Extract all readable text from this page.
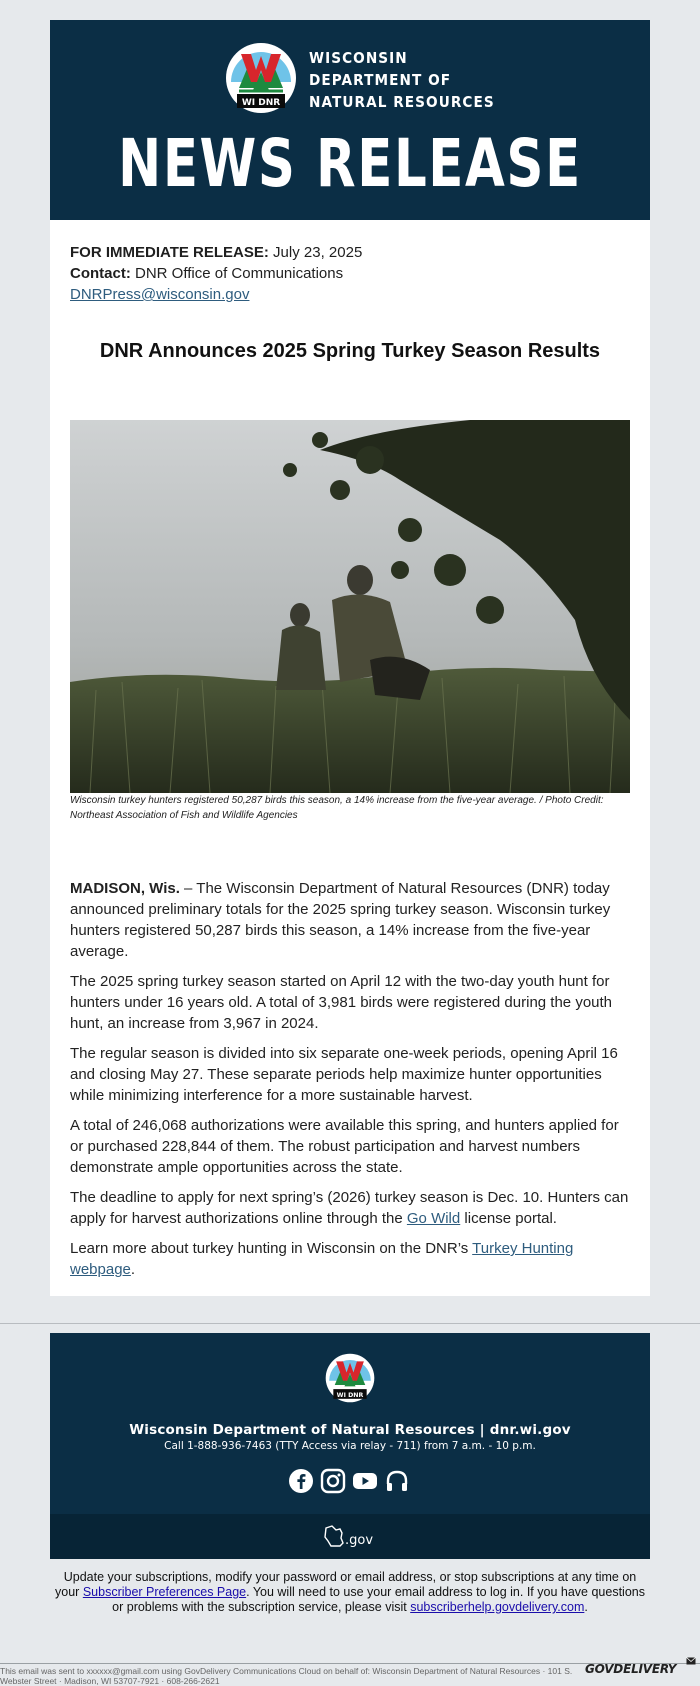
WI DNR
WISCONSIN
DEPARTMENT OF
NATURAL RESOURCES
NEWS RELEASE
FOR IMMEDIATE RELEASE: July 23, 2025
Contact: DNR Office of Communications
DNRPress@wisconsin.gov
DNR Announces 2025 Spring Turkey Season Results
Wisconsin turkey hunters registered 50,287 birds this season, a 14% increase from the five-year average. / Photo Credit: Northeast Association of Fish and Wildlife Agencies

MADISON, Wis. – The Wisconsin Department of Natural Resources (DNR) today announced preliminary totals for the 2025 spring turkey season. Wisconsin turkey hunters registered 50,287 birds this season, a 14% increase from the five-year average.

The 2025 spring turkey season started on April 12 with the two-day youth hunt for hunters under 16 years old. A total of 3,981 birds were registered during the youth hunt, an increase from 3,967 in 2024.

The regular season is divided into six separate one-week periods, opening April 16 and closing May 27. These separate periods help maximize hunter opportunities while minimizing interference for a more sustainable harvest.

A total of 246,068 authorizations were available this spring, and hunters applied for or purchased 228,844 of them. The robust participation and harvest numbers demonstrate ample opportunities across the state.

The deadline to apply for next spring’s (2026) turkey season is Dec. 10. Hunters can apply for harvest authorizations online through the Go Wild license portal.

Learn more about turkey hunting in Wisconsin on the DNR’s Turkey Hunting webpage.

WI DNR
Wisconsin Department of Natural Resources | dnr.wi.gov
Call 1-888-936-7463 (TTY Access via relay - 711) from 7 a.m. - 10 p.m.
.gov
Update your subscriptions, modify your password or email address, or stop subscriptions at any time on your Subscriber Preferences Page. You will need to use your email address to log in. If you have questions or problems with the subscription service, please visit subscriberhelp.govdelivery.com.
This email was sent to xxxxxx@gmail.com using GovDelivery Communications Cloud on behalf of: Wisconsin Department of Natural Resources · 101 S. Webster Street · Madison, WI 53707-7921 · 608-266-2621
GOVDELIVERY
